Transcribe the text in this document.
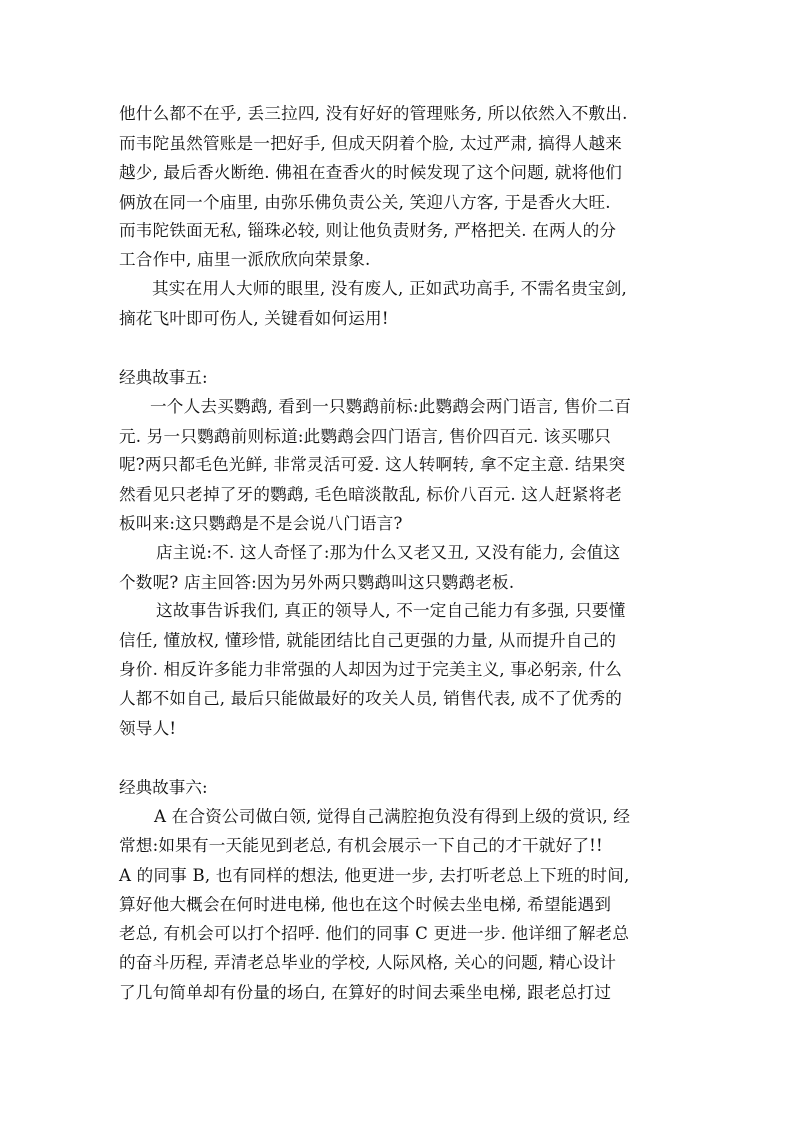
他什么都不在乎, 丢三拉四, 没有好好的管理账务, 所以依然入不敷出.
而韦陀虽然管账是一把好手, 但成天阴着个脸, 太过严肃, 搞得人越来
越少, 最后香火断绝. 佛祖在查香火的时候发现了这个问题, 就将他们
俩放在同一个庙里, 由弥乐佛负责公关, 笑迎八方客, 于是香火大旺.
而韦陀铁面无私, 锱珠必较, 则让他负责财务, 严格把关. 在两人的分
工合作中, 庙里一派欣欣向荣景象.
其实在用人大师的眼里, 没有废人, 正如武功高手, 不需名贵宝剑,
摘花飞叶即可伤人, 关键看如何运用!
经典故事五:
一个人去买鹦鹉, 看到一只鹦鹉前标:此鹦鹉会两门语言, 售价二百
元. 另一只鹦鹉前则标道:此鹦鹉会四门语言, 售价四百元. 该买哪只
呢?两只都毛色光鲜, 非常灵活可爱. 这人转啊转, 拿不定主意. 结果突
然看见只老掉了牙的鹦鹉, 毛色暗淡散乱, 标价八百元. 这人赶紧将老
板叫来:这只鹦鹉是不是会说八门语言?
店主说:不. 这人奇怪了:那为什么又老又丑, 又没有能力, 会值这
个数呢? 店主回答:因为另外两只鹦鹉叫这只鹦鹉老板.
这故事告诉我们, 真正的领导人, 不一定自己能力有多强, 只要懂
信任, 懂放权, 懂珍惜, 就能团结比自己更强的力量, 从而提升自己的
身价. 相反许多能力非常强的人却因为过于完美主义, 事必躬亲, 什么
人都不如自己, 最后只能做最好的攻关人员, 销售代表, 成不了优秀的
领导人!
经典故事六:
A 在合资公司做白领, 觉得自己满腔抱负没有得到上级的赏识, 经
常想:如果有一天能见到老总, 有机会展示一下自己的才干就好了!!
A 的同事 B, 也有同样的想法, 他更进一步, 去打听老总上下班的时间,
算好他大概会在何时进电梯, 他也在这个时候去坐电梯, 希望能遇到
老总, 有机会可以打个招呼. 他们的同事 C 更进一步. 他详细了解老总
的奋斗历程, 弄清老总毕业的学校, 人际风格, 关心的问题, 精心设计
了几句简单却有份量的场白, 在算好的时间去乘坐电梯, 跟老总打过
